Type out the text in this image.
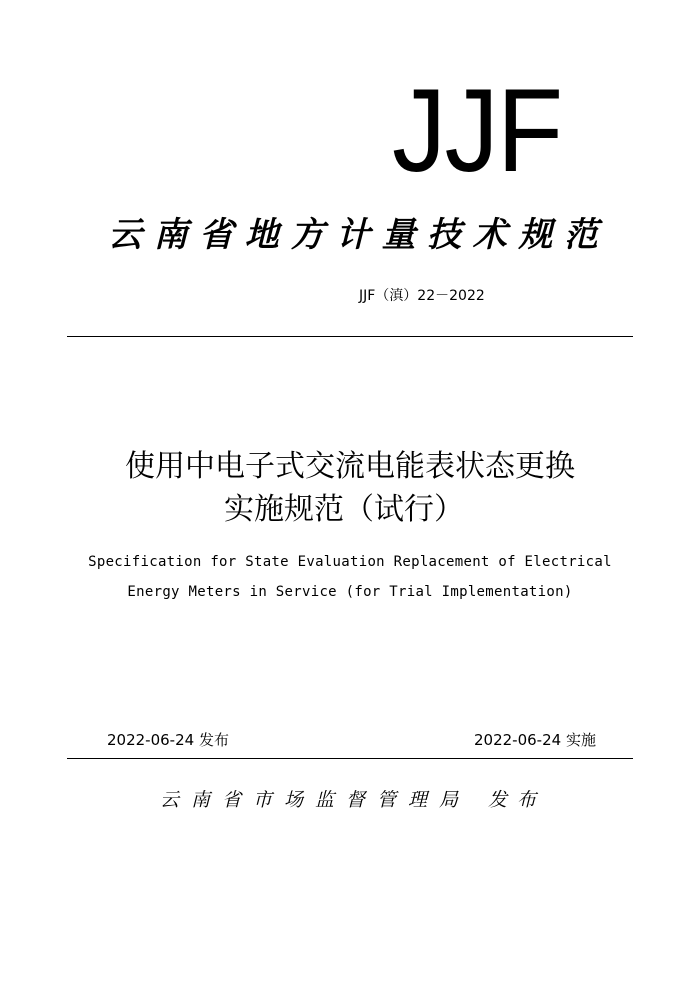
JJF
云 南 省 地 方 计 量 技 术 规 范
JJF（滇）22－2022
使用中电子式交流电能表状态更换
实施规范（试行）
Specification for State Evaluation Replacement of Electrical
Energy Meters in Service (for Trial Implementation)
2022-06-24 发布	2022-06-24 实施
云 南 省 市 场 监 督 管 理 局 发布
